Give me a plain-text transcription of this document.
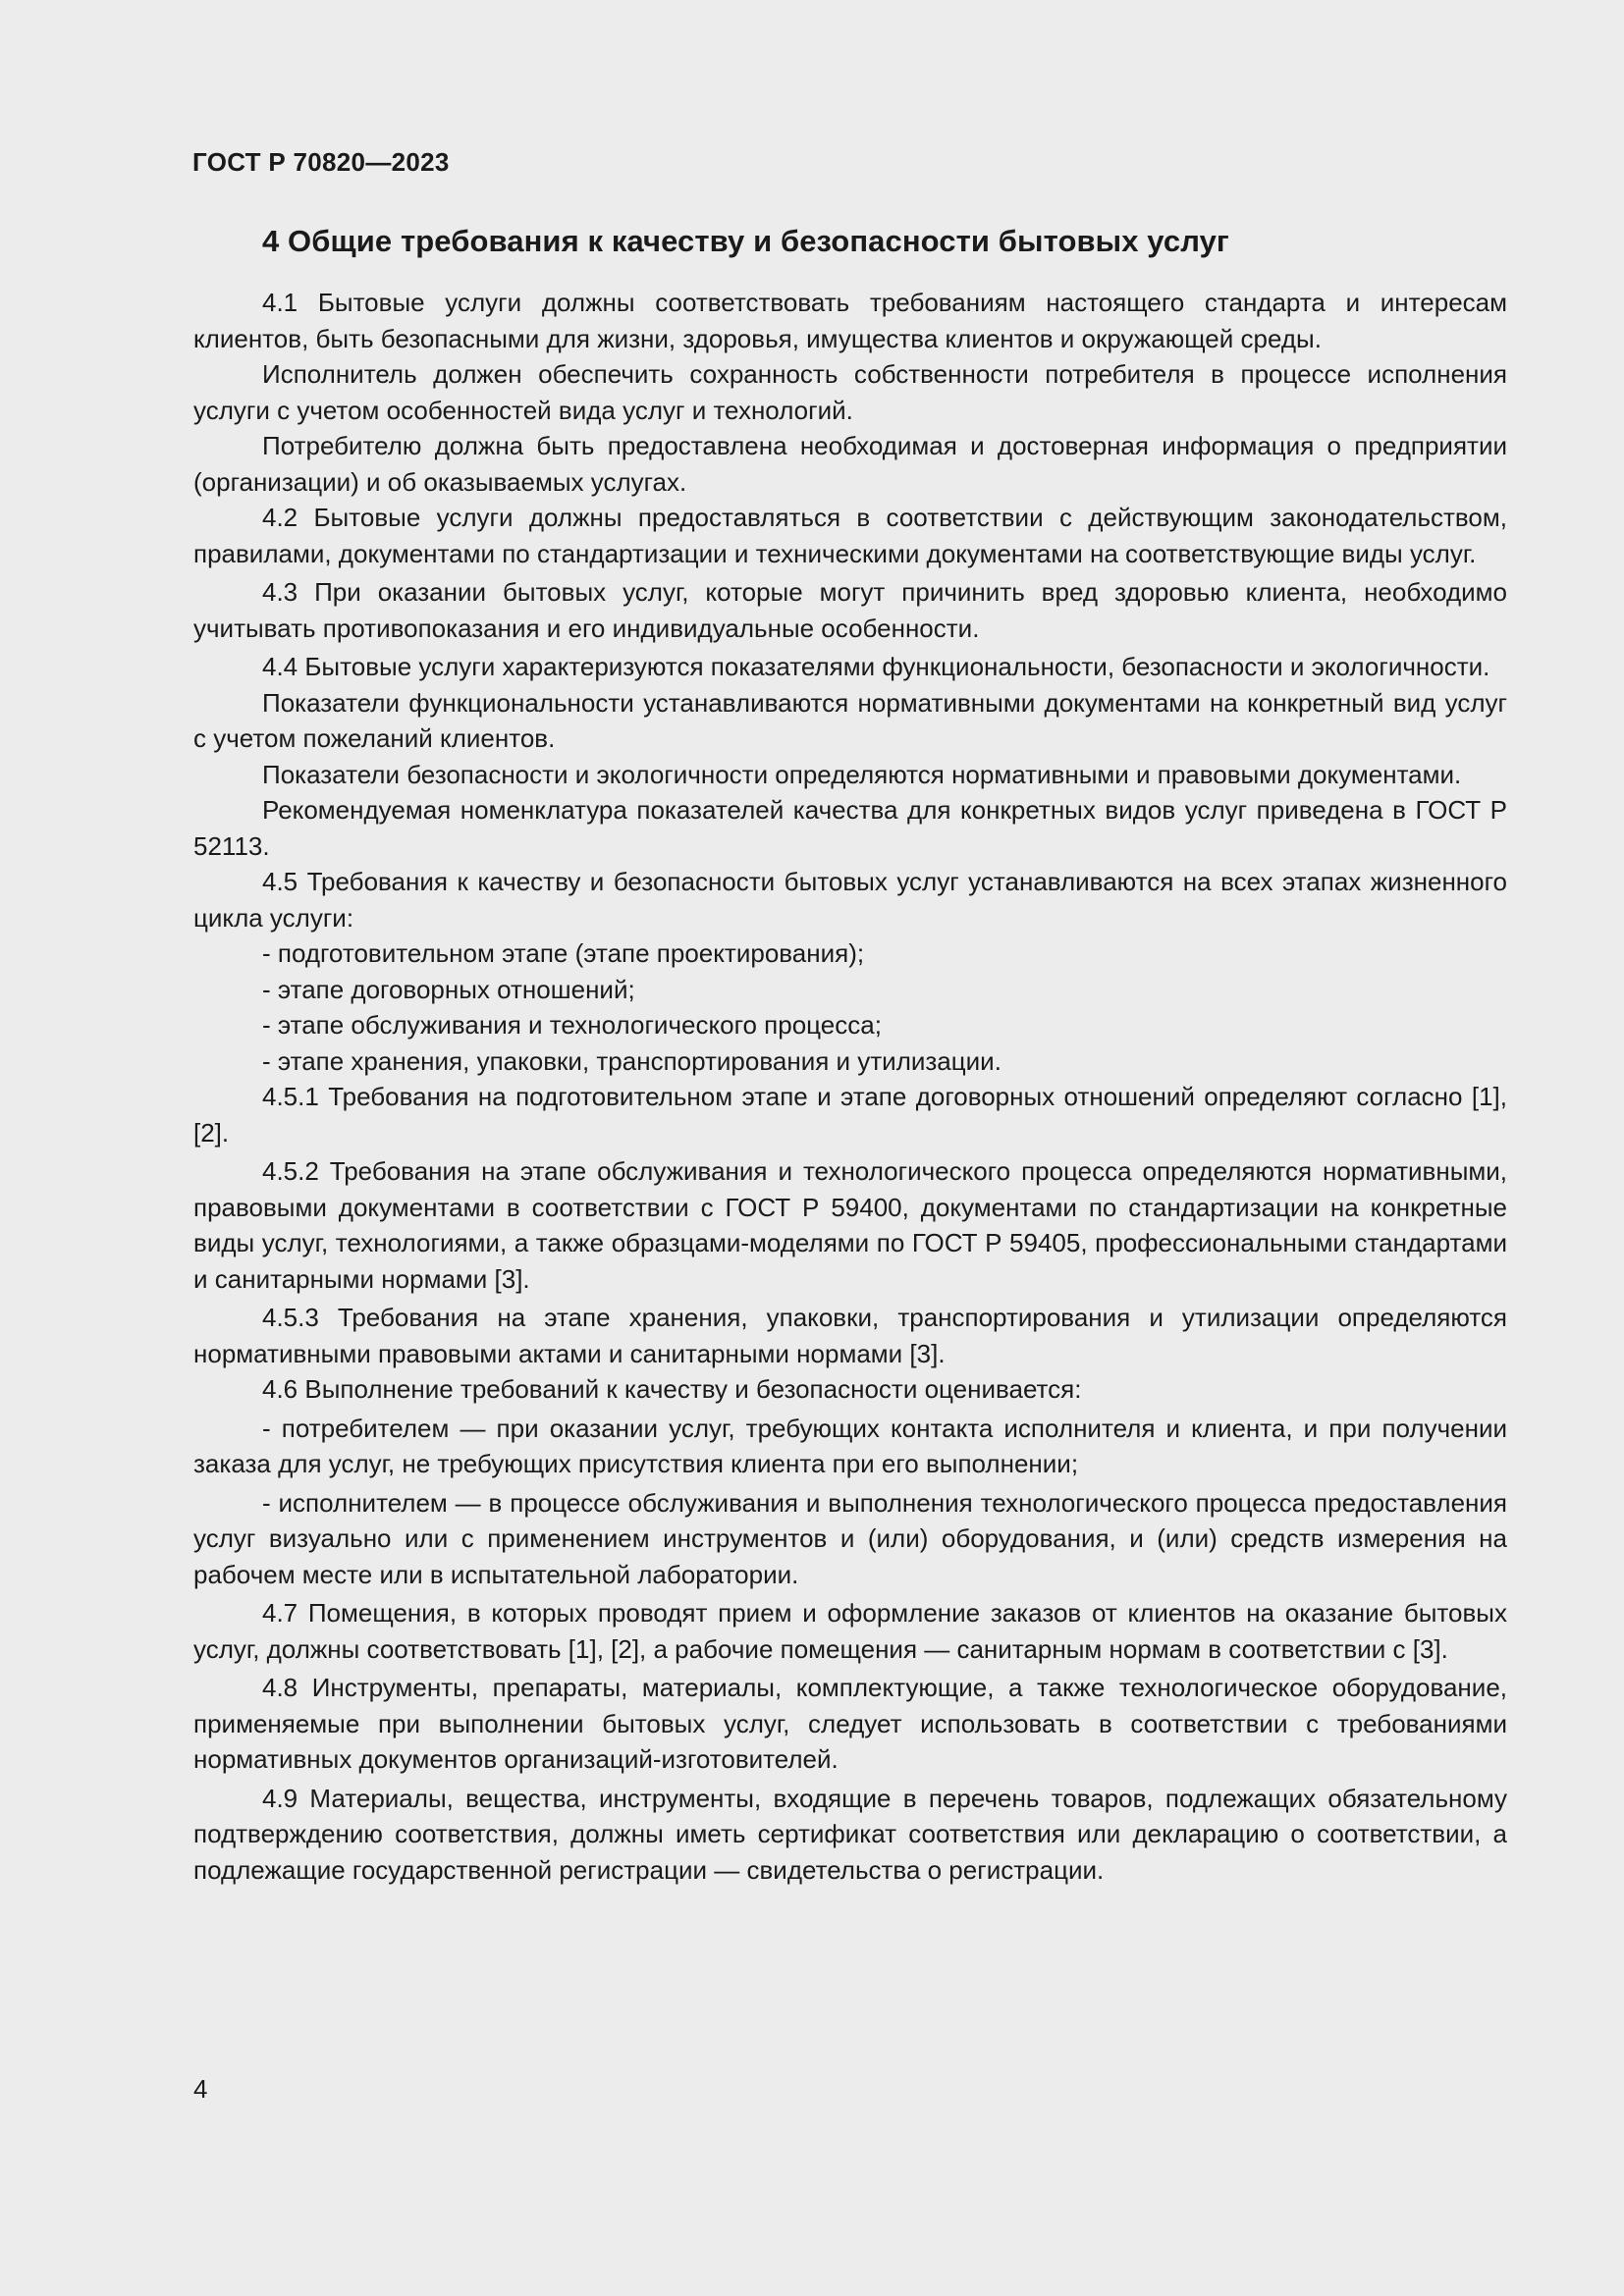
ГОСТ Р 70820—2023
4 Общие требования к качеству и безопасности бытовых услуг

4.1 Бытовые услуги должны соответствовать требованиям настоящего стандарта и интересам клиентов, быть безопасными для жизни, здоровья, имущества клиентов и окружающей среды.

Исполнитель должен обеспечить сохранность собственности потребителя в процессе исполнения услуги с учетом особенностей вида услуг и технологий.

Потребителю должна быть предоставлена необходимая и достоверная информация о предприятии (организации) и об оказываемых услугах.

4.2 Бытовые услуги должны предоставляться в соответствии с действующим законодательством, правилами, документами по стандартизации и техническими документами на соответствующие виды услуг.

4.3 При оказании бытовых услуг, которые могут причинить вред здоровью клиента, необходимо учитывать противопоказания и его индивидуальные особенности.

4.4 Бытовые услуги характеризуются показателями функциональности, безопасности и экологичности.

Показатели функциональности устанавливаются нормативными документами на конкретный вид услуг с учетом пожеланий клиентов.

Показатели безопасности и экологичности определяются нормативными и правовыми документами.

Рекомендуемая номенклатура показателей качества для конкретных видов услуг приведена в ГОСТ Р 52113.

4.5 Требования к качеству и безопасности бытовых услуг устанавливаются на всех этапах жизненного цикла услуги:

- подготовительном этапе (этапе проектирования);

- этапе договорных отношений;

- этапе обслуживания и технологического процесса;

- этапе хранения, упаковки, транспортирования и утилизации.

4.5.1 Требования на подготовительном этапе и этапе договорных отношений определяют согласно [1], [2].

4.5.2 Требования на этапе обслуживания и технологического процесса определяются нормативными, правовыми документами в соответствии с ГОСТ Р 59400, документами по стандартизации на конкретные виды услуг, технологиями, а также образцами-моделями по ГОСТ Р 59405, профессиональными стандартами и санитарными нормами [3].

4.5.3 Требования на этапе хранения, упаковки, транспортирования и утилизации определяются нормативными правовыми актами и санитарными нормами [3].

4.6 Выполнение требований к качеству и безопасности оценивается:

- потребителем — при оказании услуг, требующих контакта исполнителя и клиента, и при получении заказа для услуг, не требующих присутствия клиента при его выполнении;

- исполнителем — в процессе обслуживания и выполнения технологического процесса предоставления услуг визуально или с применением инструментов и (или) оборудования, и (или) средств измерения на рабочем месте или в испытательной лаборатории.

4.7 Помещения, в которых проводят прием и оформление заказов от клиентов на оказание бытовых услуг, должны соответствовать [1], [2], а рабочие помещения — санитарным нормам в соответствии с [3].

4.8 Инструменты, препараты, материалы, комплектующие, а также технологическое оборудование, применяемые при выполнении бытовых услуг, следует использовать в соответствии с требованиями нормативных документов организаций-изготовителей.

4.9 Материалы, вещества, инструменты, входящие в перечень товаров, подлежащих обязательному подтверждению соответствия, должны иметь сертификат соответствия или декларацию о соответствии, а подлежащие государственной регистрации — свидетельства о регистрации.

4
